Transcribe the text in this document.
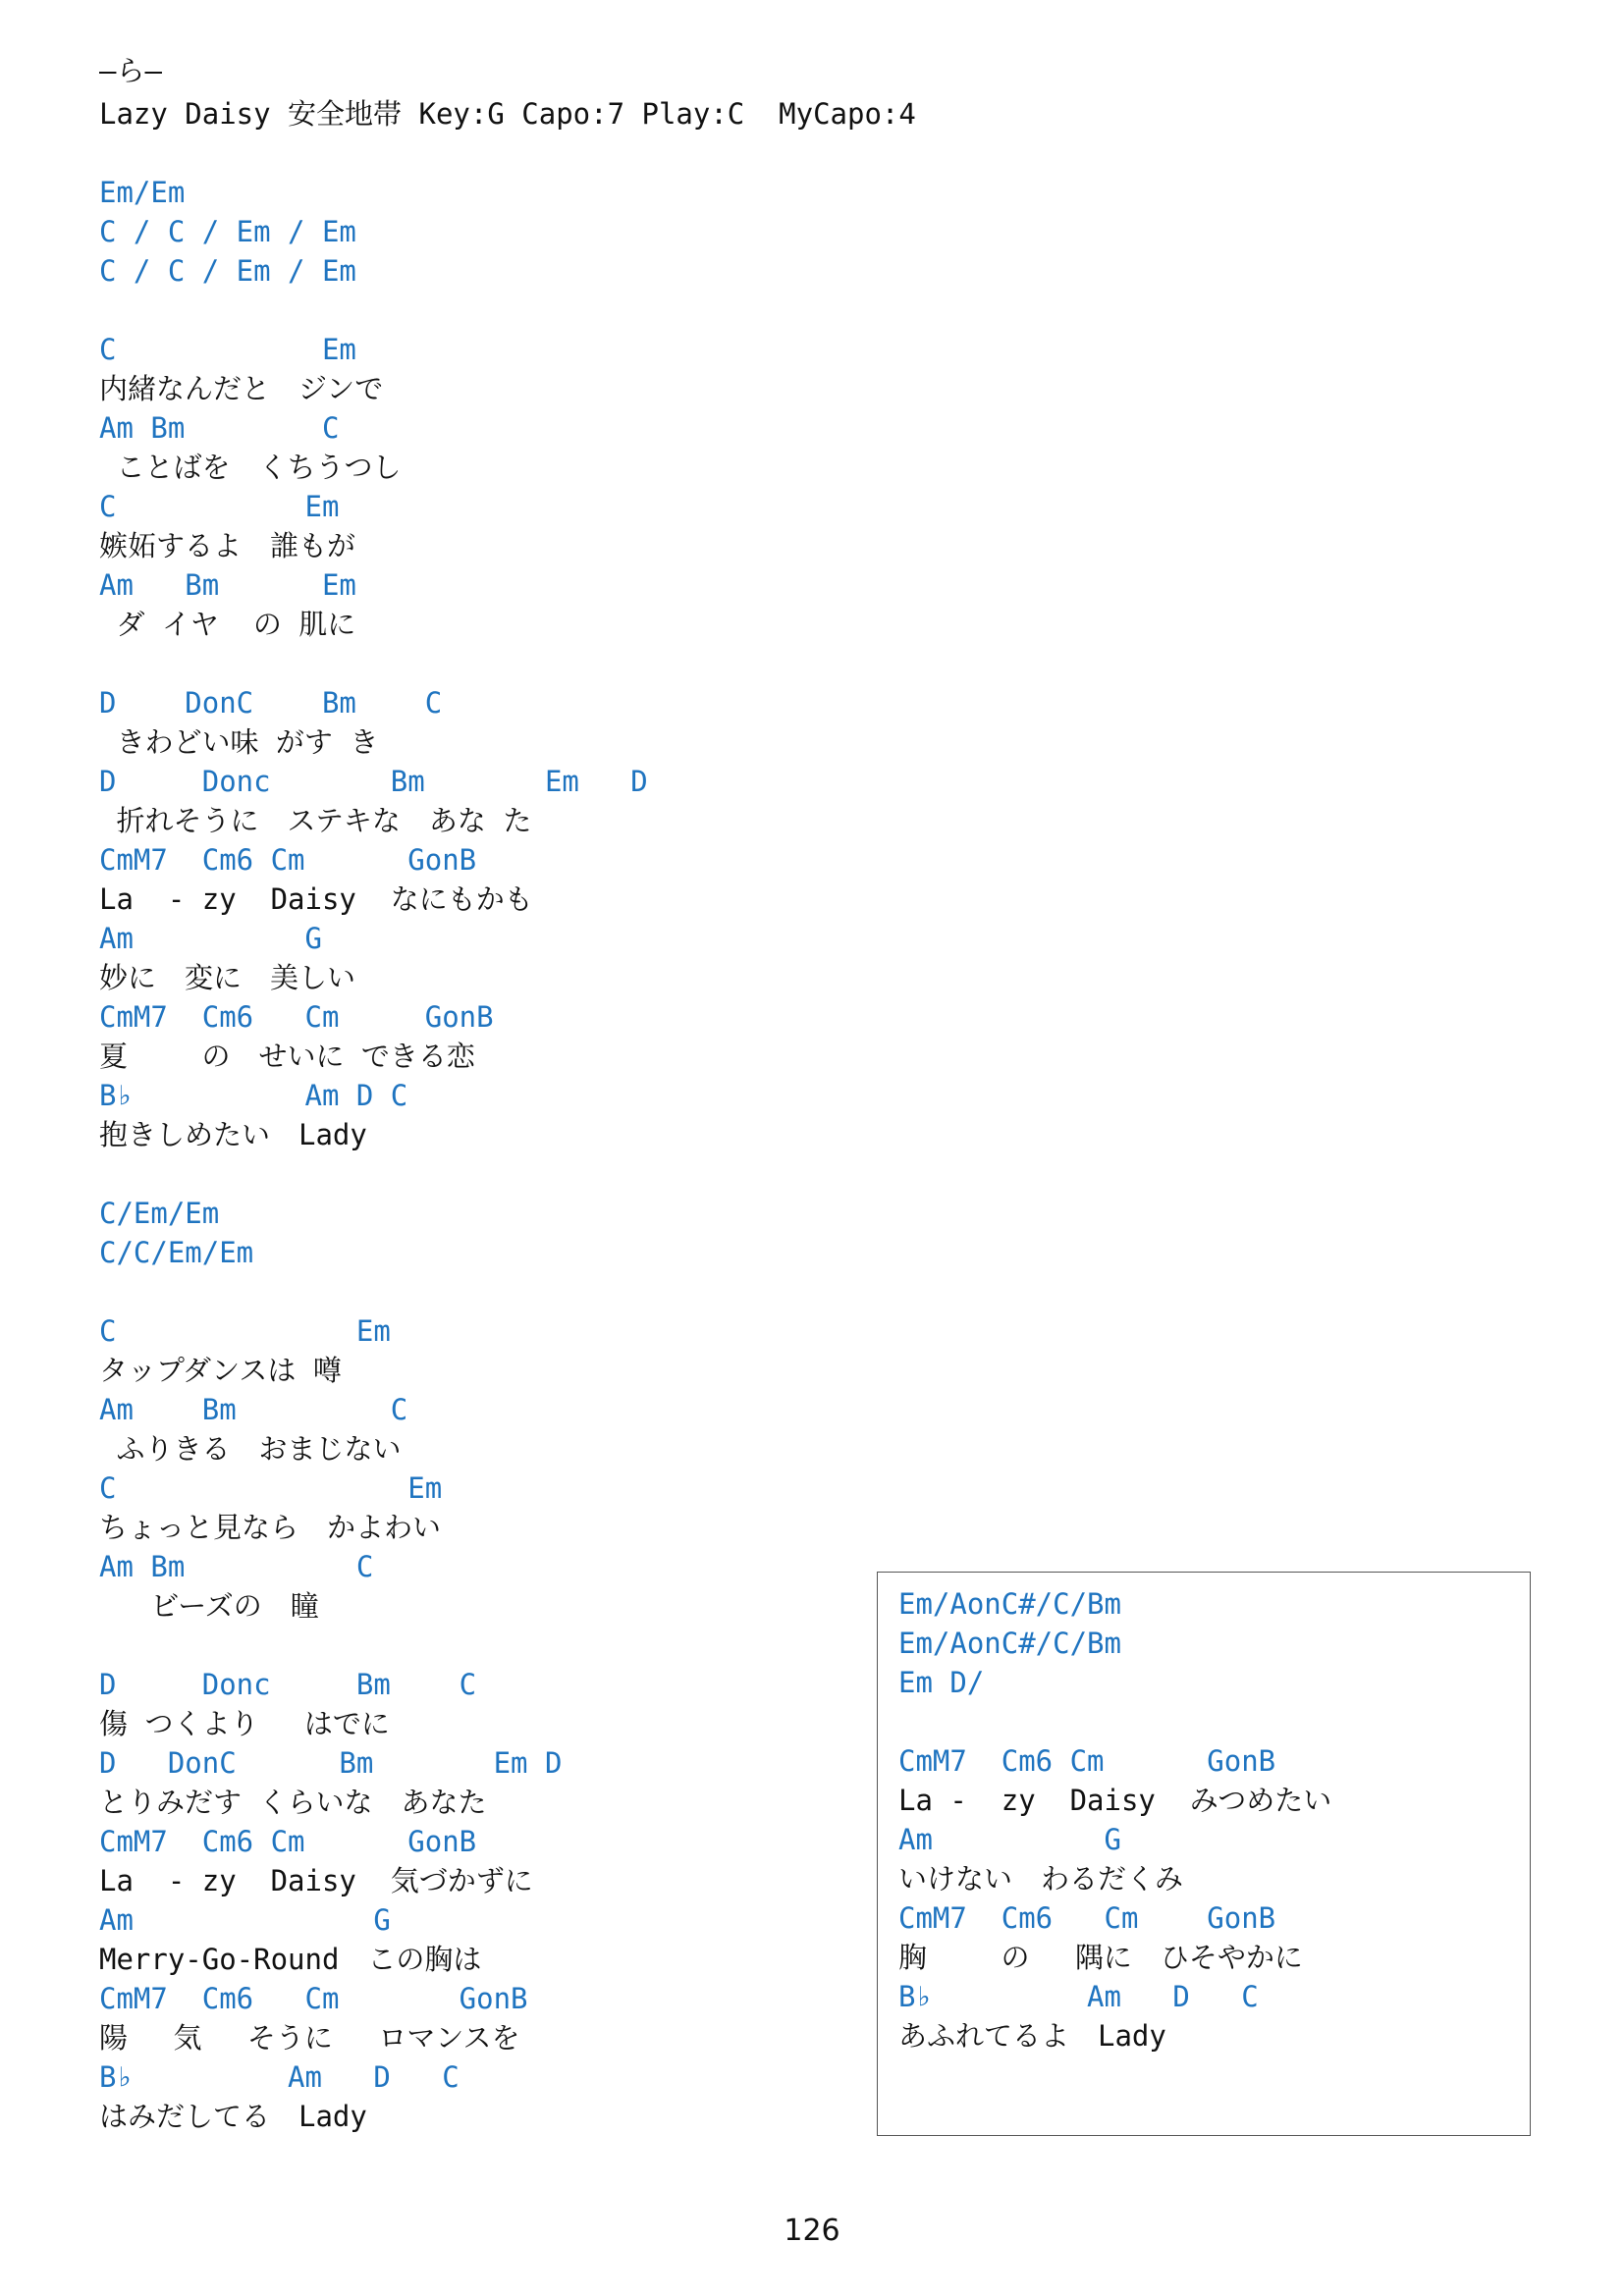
—ら—
Lazy Daisy 安全地帯 Key:G Capo:7 Play:C  MyCapo:4
Em/Em
C / C / Em / Em
C / C / Em / Em
C            Em
内緒なんだと　ジンで
Am Bm        C
ことばを　くちうつし
C           Em
嫉妬するよ　誰もが
Am   Bm      Em
ダ イヤ  の 肌に
D    DonC    Bm    C
きわどい味 がす き
D     Donc       Bm       Em   D
折れそうに　ステキな　あな た
CmM7  Cm6 Cm      GonB
La  - zy  Daisy  なにもかも
Am          G
妙に　変に　美しい
CmM7  Cm6   Cm     GonB
夏　　 の　せいに できる恋
B♭          Am D C
抱きしめたい　Lady
C/Em/Em
C/C/Em/Em
C              Em
タップダンスは 噂
Am    Bm         C
ふりきる　おまじない
C                 Em
ちょっと見なら　かよわい
Am Bm          C
ビーズの　瞳
D     Donc     Bm    C
傷 つくより　 はでに
D   DonC      Bm       Em D
とりみだす くらいな　あなた
CmM7  Cm6 Cm      GonB
La  - zy  Daisy  気づかずに
Am              G
Merry-Go-Round　この胸は
CmM7  Cm6   Cm       GonB
陽　 気　 そうに　 ロマンスを
B♭         Am   D   C
はみだしてる　Lady
Em/AonC#/C/Bm
Em/AonC#/C/Bm
Em D/
CmM7  Cm6 Cm      GonB
La -  zy  Daisy  みつめたい
Am          G
いけない　わるだくみ
CmM7  Cm6   Cm    GonB
胸 　　の　 隅に　ひそやかに
B♭         Am   D   C
あふれてるよ　Lady
126
